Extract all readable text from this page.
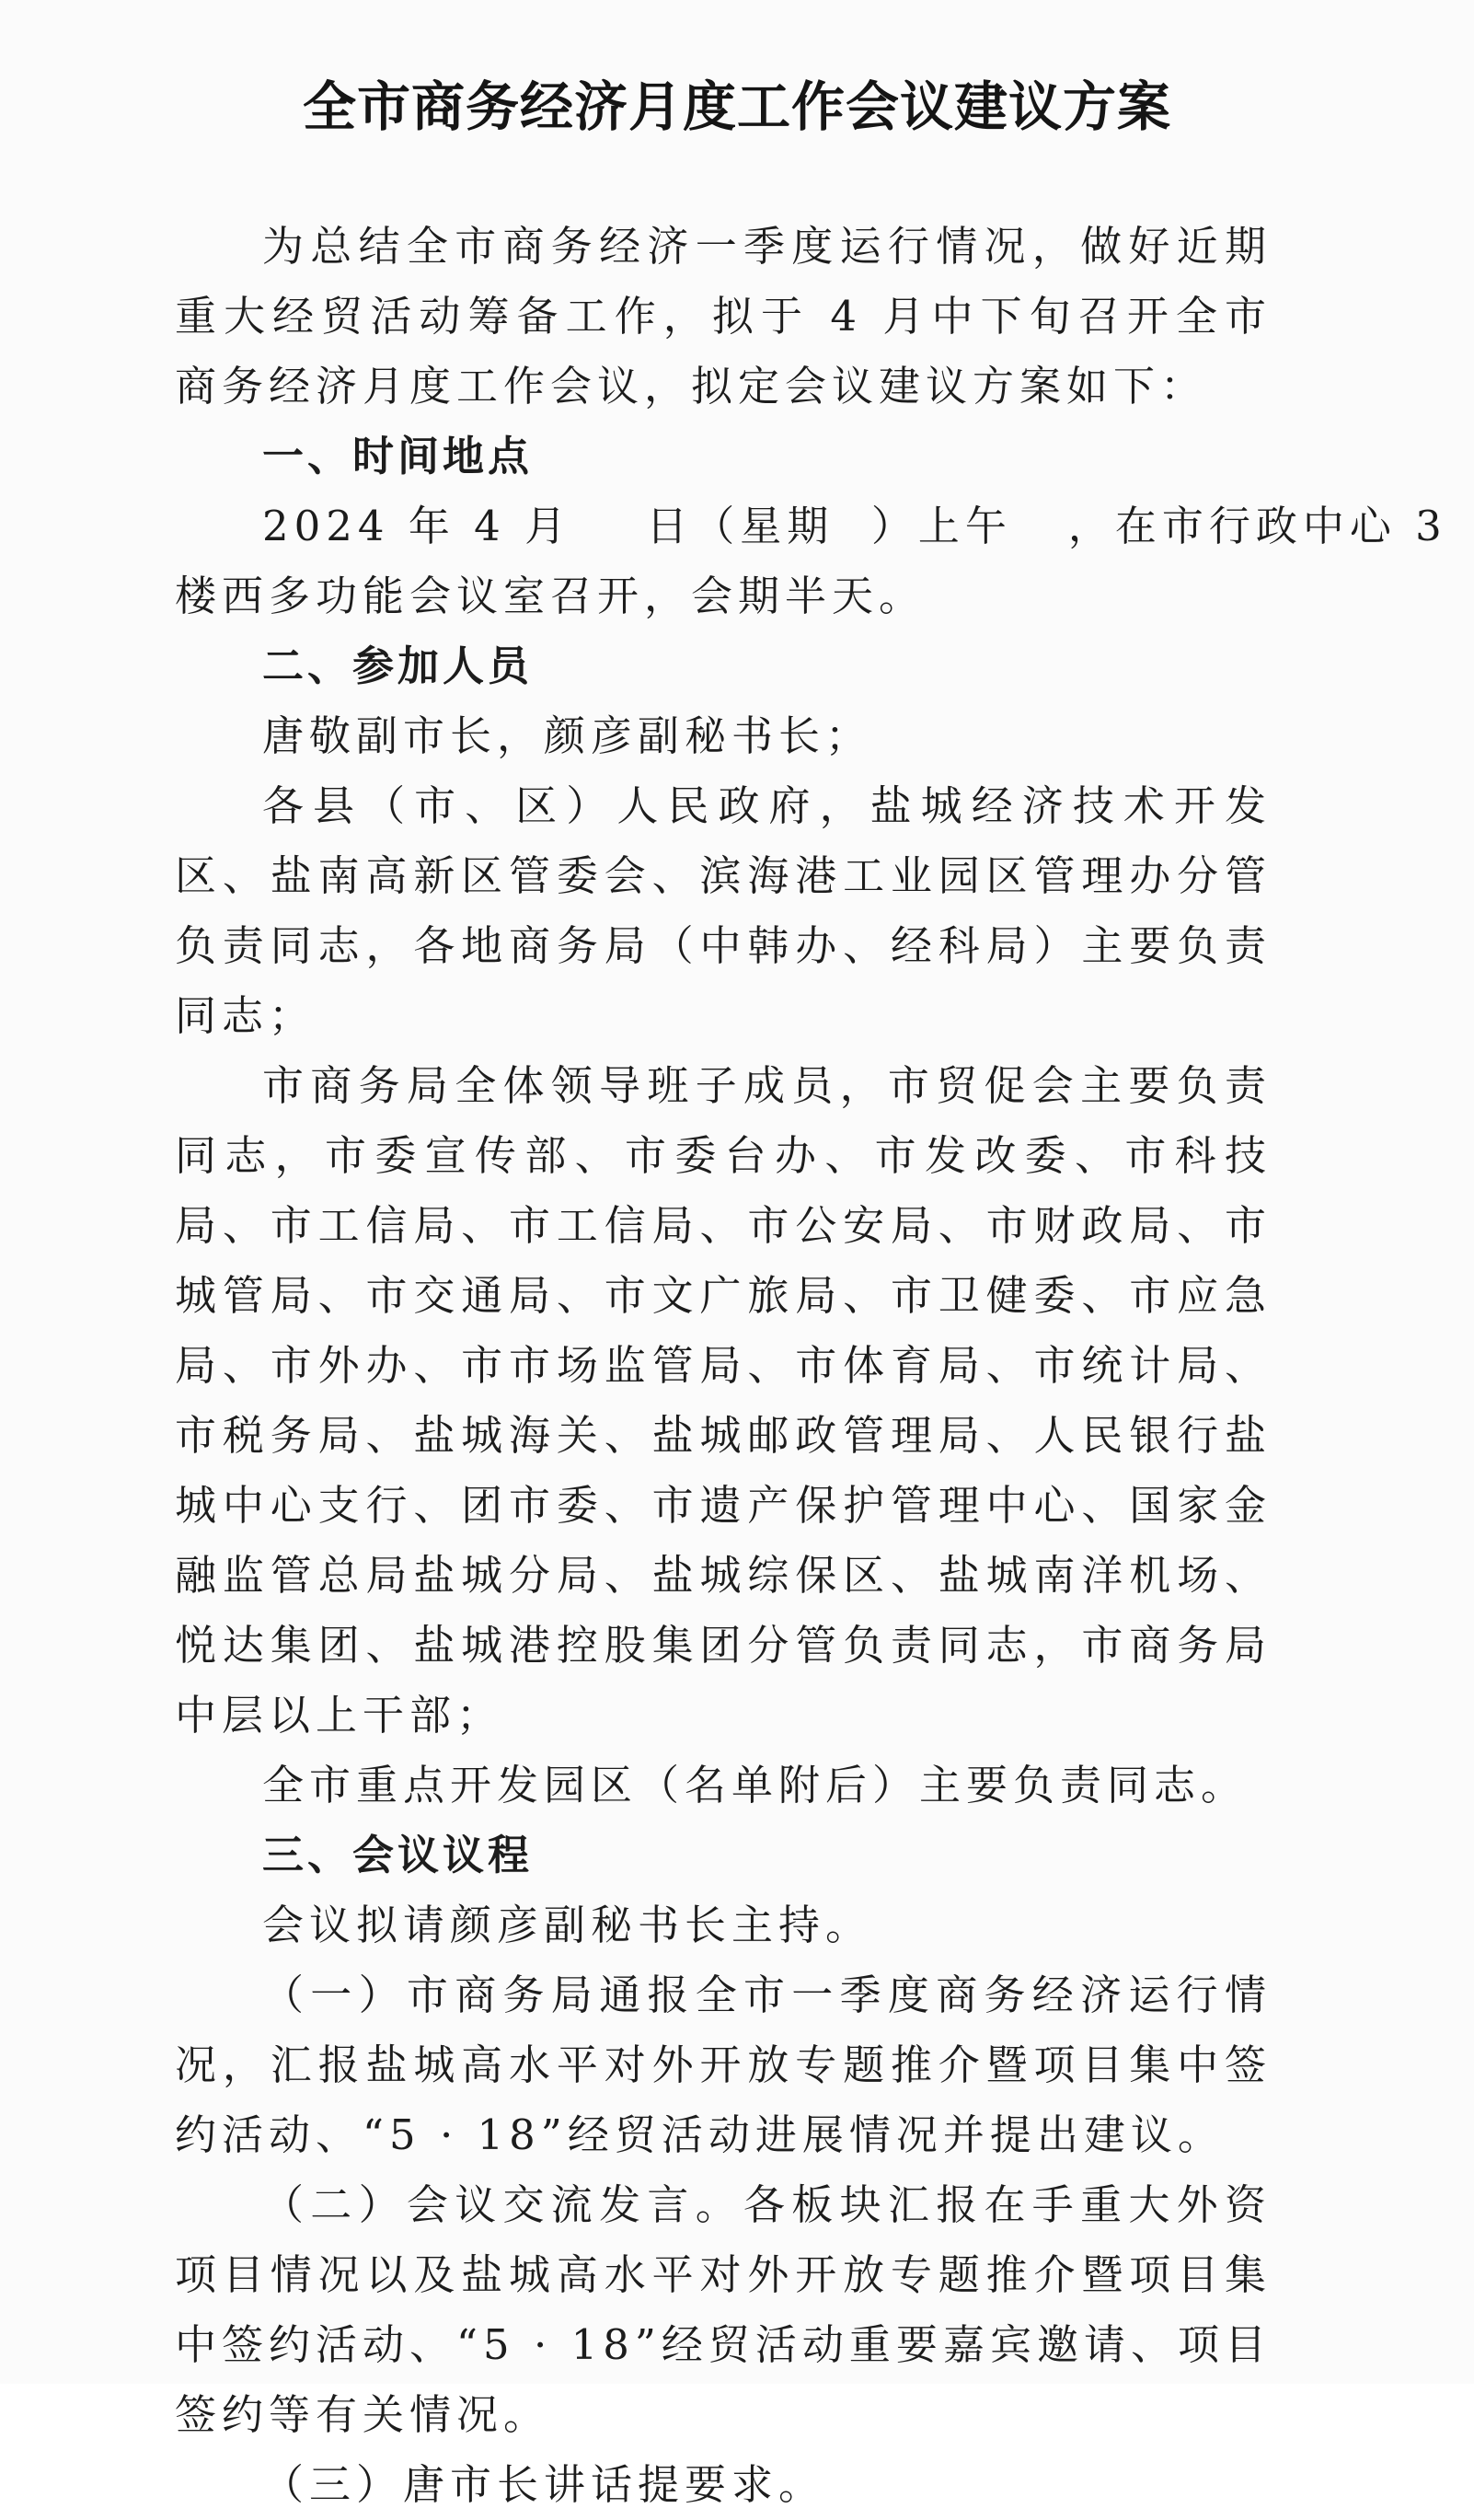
全市商务经济月度工作会议建议方案

为总结全市商务经济一季度运行情况，做好近期重大经贸活动筹备工作，拟于 4 月中下旬召开全市商务经济月度工作会议，拟定会议建议方案如下：

一、时间地点

2024 年 4 月 日（星期 ）上午 ，在市行政中心 3

楼西多功能会议室召开，会期半天。

二、参加人员

唐敬副市长，颜彦副秘书长；

各县（市、区）人民政府，盐城经济技术开发区、盐南高新区管委会、滨海港工业园区管理办分管负责同志，各地商务局（中韩办、经科局）主要负责同志；

市商务局全体领导班子成员，市贸促会主要负责同志，市委宣传部、市委台办、市发改委、市科技局、市工信局、市工信局、市公安局、市财政局、市城管局、市交通局、市文广旅局、市卫健委、市应急局、市外办、市市场监管局、市体育局、市统计局、市税务局、盐城海关、盐城邮政管理局、人民银行盐城中心支行、团市委、市遗产保护管理中心、国家金融监管总局盐城分局、盐城综保区、盐城南洋机场、悦达集团、盐城港控股集团分管负责同志，市商务局中层以上干部；

全市重点开发园区（名单附后）主要负责同志。

三、会议议程

会议拟请颜彦副秘书长主持。

（一）市商务局通报全市一季度商务经济运行情况，汇报盐城高水平对外开放专题推介暨项目集中签约活动、“5 · 18”经贸活动进展情况并提出建议。

（二）会议交流发言。各板块汇报在手重大外资项目情况以及盐城高水平对外开放专题推介暨项目集中签约活动、“5 · 18”经贸活动重要嘉宾邀请、项目签约等有关情况。

（三）唐市长讲话提要求。
